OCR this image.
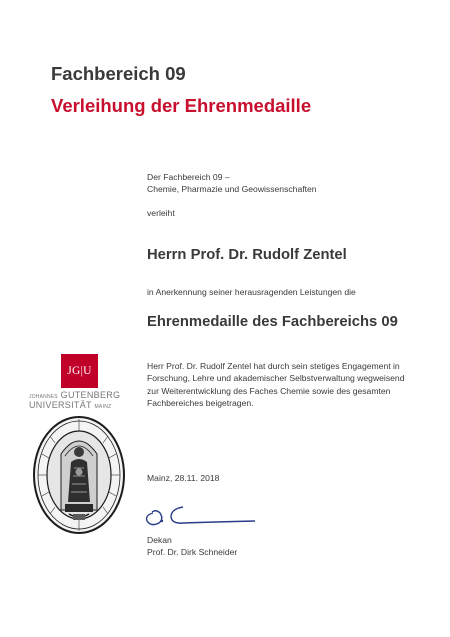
Fachbereich 09
Verleihung der Ehrenmedaille
Der Fachbereich 09 –
Chemie, Pharmazie und Geowissenschaften
verleiht
Herrn Prof. Dr. Rudolf Zentel
in Anerkennung seiner herausragenden Leistungen die
Ehrenmedaille des Fachbereichs 09
Herr Prof. Dr. Rudolf Zentel hat durch sein stetiges Engagement in Forschung, Lehre und akademischer Selbstverwaltung wegweisend zur Weiterentwicklung des Faches Chemie sowie des gesamten Fachbereiches beigetragen.
JG|U
JOHANNES GUTENBERG
UNIVERSITÄT MAINZ
Mainz, 28.11. 2018
Dekan
Prof. Dr. Dirk Schneider
